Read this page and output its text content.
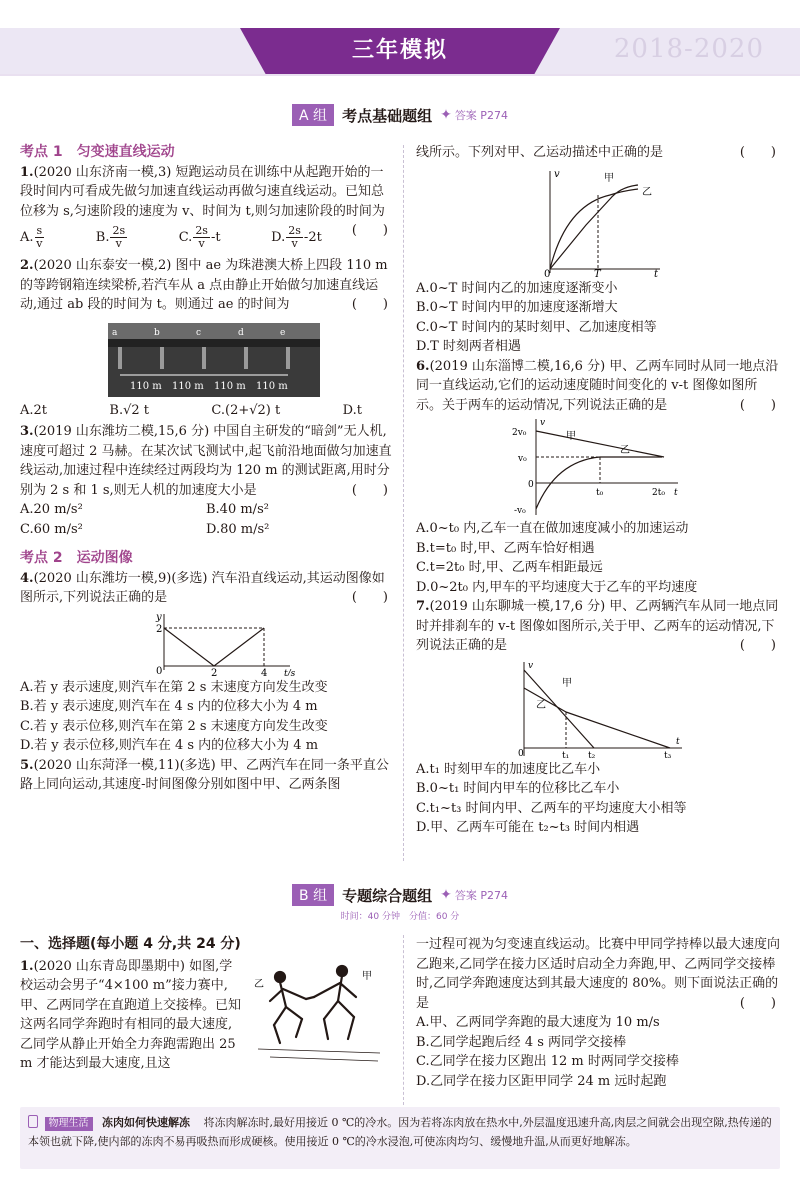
三年模拟	2018-2020
A 组	考点基础题组 ✦ 答案 P274

考点 1　匀变速直线运动

1.(2020 山东济南一模,3) 短跑运动员在训练中从起跑开始的一段时间内可看成先做匀加速直线运动再做匀速直线运动。已知总位移为 s,匀速阶段的速度为 v、时间为 t,则匀加速阶段的时间为
(　　)

A. $\frac{s}{v}$	B. $\frac{2s}{v}$	C. $\frac{2s}{v} -t$	D. $\frac{2s}{v} -2t$

2.(2020 山东泰安一模,2) 图中 ae 为珠港澳大桥上四段 110 m 的等跨钢箱连续梁桥,若汽车从 a 点由静止开始做匀加速直线运动,通过 ab 段的时间为 t。则通过 ae 的时间为	(　　)

a	b	c	d	e
110 m 110 m 110 m 110 m
A.2t	B.√2 t	C.(2+√2) t	D.t

3.(2019 山东潍坊二模,15,6 分) 中国自主研发的“暗剑”无人机,速度可超过 2 马赫。在某次试飞测试中,起飞前沿地面做匀加速直线运动,加速过程中连续经过两段均为 120 m 的测试距离,用时分别为 2 s 和 1 s,则无人机的加速度大小是	(　　)

A.20 m/s²	B.40 m/s²
C.60 m/s²	D.80 m/s²

考点 2　运动图像

4.(2020 山东潍坊一模,9)(多选) 汽车沿直线运动,其运动图像如图所示,下列说法正确的是	(　　)

y
2
0	2	4 t/s

A.若 y 表示速度,则汽车在第 2 s 末速度方向发生改变

B.若 y 表示速度,则汽车在 4 s 内的位移大小为 4 m

C.若 y 表示位移,则汽车在第 2 s 末速度方向发生改变

D.若 y 表示位移,则汽车在 4 s 内的位移大小为 4 m

5.(2020 山东菏泽一模,11)(多选) 甲、乙两汽车在同一条平直公路上同向运动,其速度-时间图像分别如图中甲、乙两条图

线所示。下列对甲、乙运动描述中正确的是	(　　)

v
0	T	t
甲
乙

A.0~T 时间内乙的加速度逐渐变小

B.0~T 时间内甲的加速度逐渐增大

C.0~T 时间内的某时刻甲、乙加速度相等

D.T 时刻两者相遇

6.(2019 山东淄博二模,16,6 分) 甲、乙两车同时从同一地点沿同一直线运动,它们的运动速度随时间变化的 v-t 图像如图所示。关于两车的运动情况,下列说法正确的是	(　　)

v
2v₀
v₀
0
-v₀
t₀	2t₀ t
甲
乙

A.0~t₀ 内,乙车一直在做加速度减小的加速运动

B.t=t₀ 时,甲、乙两车恰好相遇

C.t=2t₀ 时,甲、乙两车相距最远

D.0~2t₀ 内,甲车的平均速度大于乙车的平均速度

7.(2019 山东聊城一模,17,6 分) 甲、乙两辆汽车从同一地点同时并排刹车的 v-t 图像如图所示,关于甲、乙两车的运动情况,下列说法正确的是	(　　)

v
0	t₁ t₂	t₃
t
甲
乙

A.t₁ 时刻甲车的加速度比乙车小

B.0~t₁ 时间内甲车的位移比乙车小

C.t₁~t₃ 时间内甲、乙两车的平均速度大小相等

D.甲、乙两车可能在 t₂~t₃ 时间内相遇

B 组	专题综合题组 ✦ 答案 P274
时间：40 分钟　分值：60 分

一、选择题(每小题 4 分,共 24 分)

1.(2020 山东青岛即墨期中) 如图,学校运动会男子“4×100 m”接力赛中,甲、乙两同学在直跑道上交接棒。已知这两名同学奔跑时有相同的最大速度,乙同学从静止开始全力奔跑需跑出 25 m 才能达到最大速度,且这

乙
甲

一过程可视为匀变速直线运动。比赛中甲同学持棒以最大速度向乙跑来,乙同学在接力区适时启动全力奔跑,甲、乙两同学交接棒时,乙同学奔跑速度达到其最大速度的 80%。则下面说法正确的是	(　　)

A.甲、乙两同学奔跑的最大速度为 10 m/s

B.乙同学起跑后经 4 s 两同学交接棒

C.乙同学在接力区跑出 12 m 时两同学交接棒

D.乙同学在接力区距甲同学 24 m 远时起跑

物理生活 冻肉如何快速解冻 将冻肉解冻时,最好用接近 0 ℃的冷水。因为若将冻肉放在热水中,外层温度迅速升高,肉层之间就会出现空隙,热传递的本领也就下降,使内部的冻肉不易再吸热而形成硬核。使用接近 0 ℃的冷水浸泡,可使冻肉均匀、缓慢地升温,从而更好地解冻。
